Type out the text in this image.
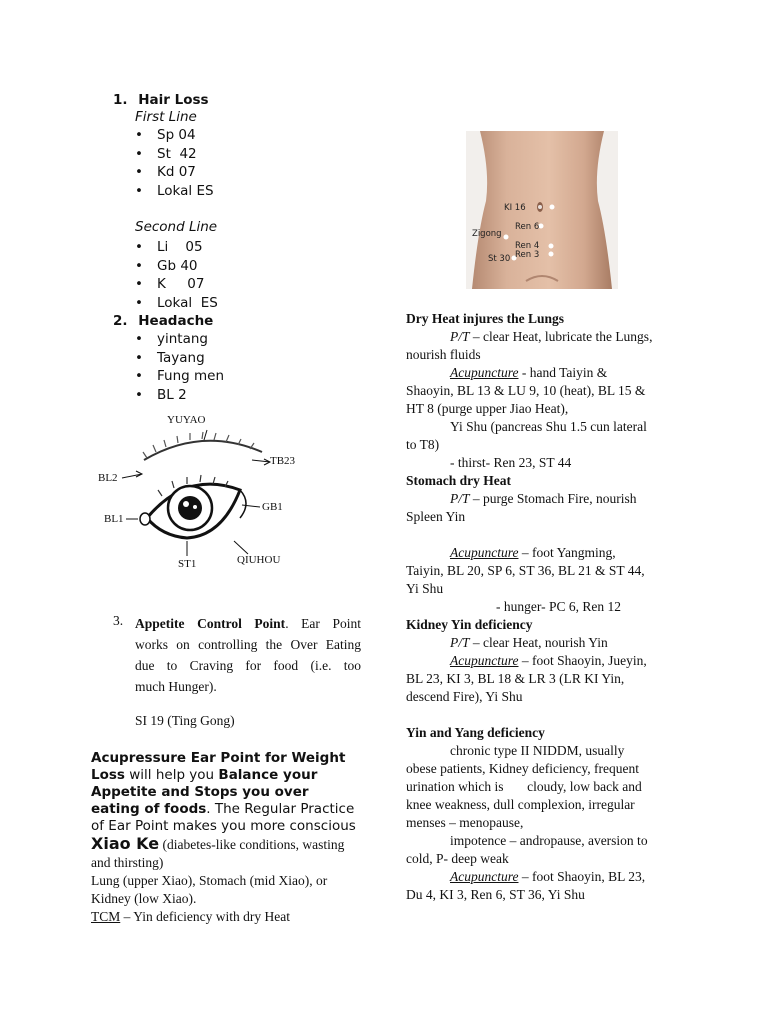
1. Hair Loss
First Line
• Sp 04
• St  42
• Kd 07
• Lokal ES
Second Line
• Li    05
• Gb 40
• K     07
• Lokal  ES
2. Headache
• yintang
• Tayang
• Fung men
• BL 2
YUYAO
TB23
BL2
GB1
BL1
ST1	QIUHOU
3. Appetite Control Point. Ear Point
works on controlling the Over Eating
due to Craving for food (i.e. too
much Hunger).
SI 19 (Ting Gong)
Acupressure Ear Point for Weight
Loss will help you Balance your
Appetite and Stops you over
eating of foods. The Regular Practice
of Ear Point makes you more conscious
Xiao Ke (diabetes-like conditions, wasting
and thirsting)
Lung (upper Xiao), Stomach (mid Xiao), or
Kidney (low Xiao).
TCM – Yin deficiency with dry Heat
KI 16
Ren 6
Zigong
Ren 4
Ren 3
St 30

Dry Heat injures the Lungs

P/T – clear Heat, lubricate the Lungs,

nourish fluids

Acupuncture - hand Taiyin &

Shaoyin, BL 13 & LU 9, 10 (heat), BL 15 &

HT 8 (purge upper Jiao Heat),

Yi Shu (pancreas Shu 1.5 cun lateral

to T8)

- thirst- Ren 23, ST 44

Stomach dry Heat

P/T – purge Stomach Fire, nourish

Spleen Yin

Acupuncture – foot Yangming,

Taiyin, BL 20, SP 6, ST 36, BL 21 & ST 44,

Yi Shu

- hunger- PC 6, Ren 12

Kidney Yin deficiency

P/T – clear Heat, nourish Yin

Acupuncture – foot Shaoyin, Jueyin,

BL 23, KI 3, BL 18 & LR 3 (LR KI Yin,

descend Fire), Yi Shu

Yin and Yang deficiency

chronic type II NIDDM, usually

obese patients, Kidney deficiency, frequent

urination which is       cloudy, low back and

knee weakness, dull complexion, irregular

menses – menopause,

impotence – andropause, aversion to

cold, P- deep weak

Acupuncture – foot Shaoyin, BL 23,

Du 4, KI 3, Ren 6, ST 36, Yi Shu
